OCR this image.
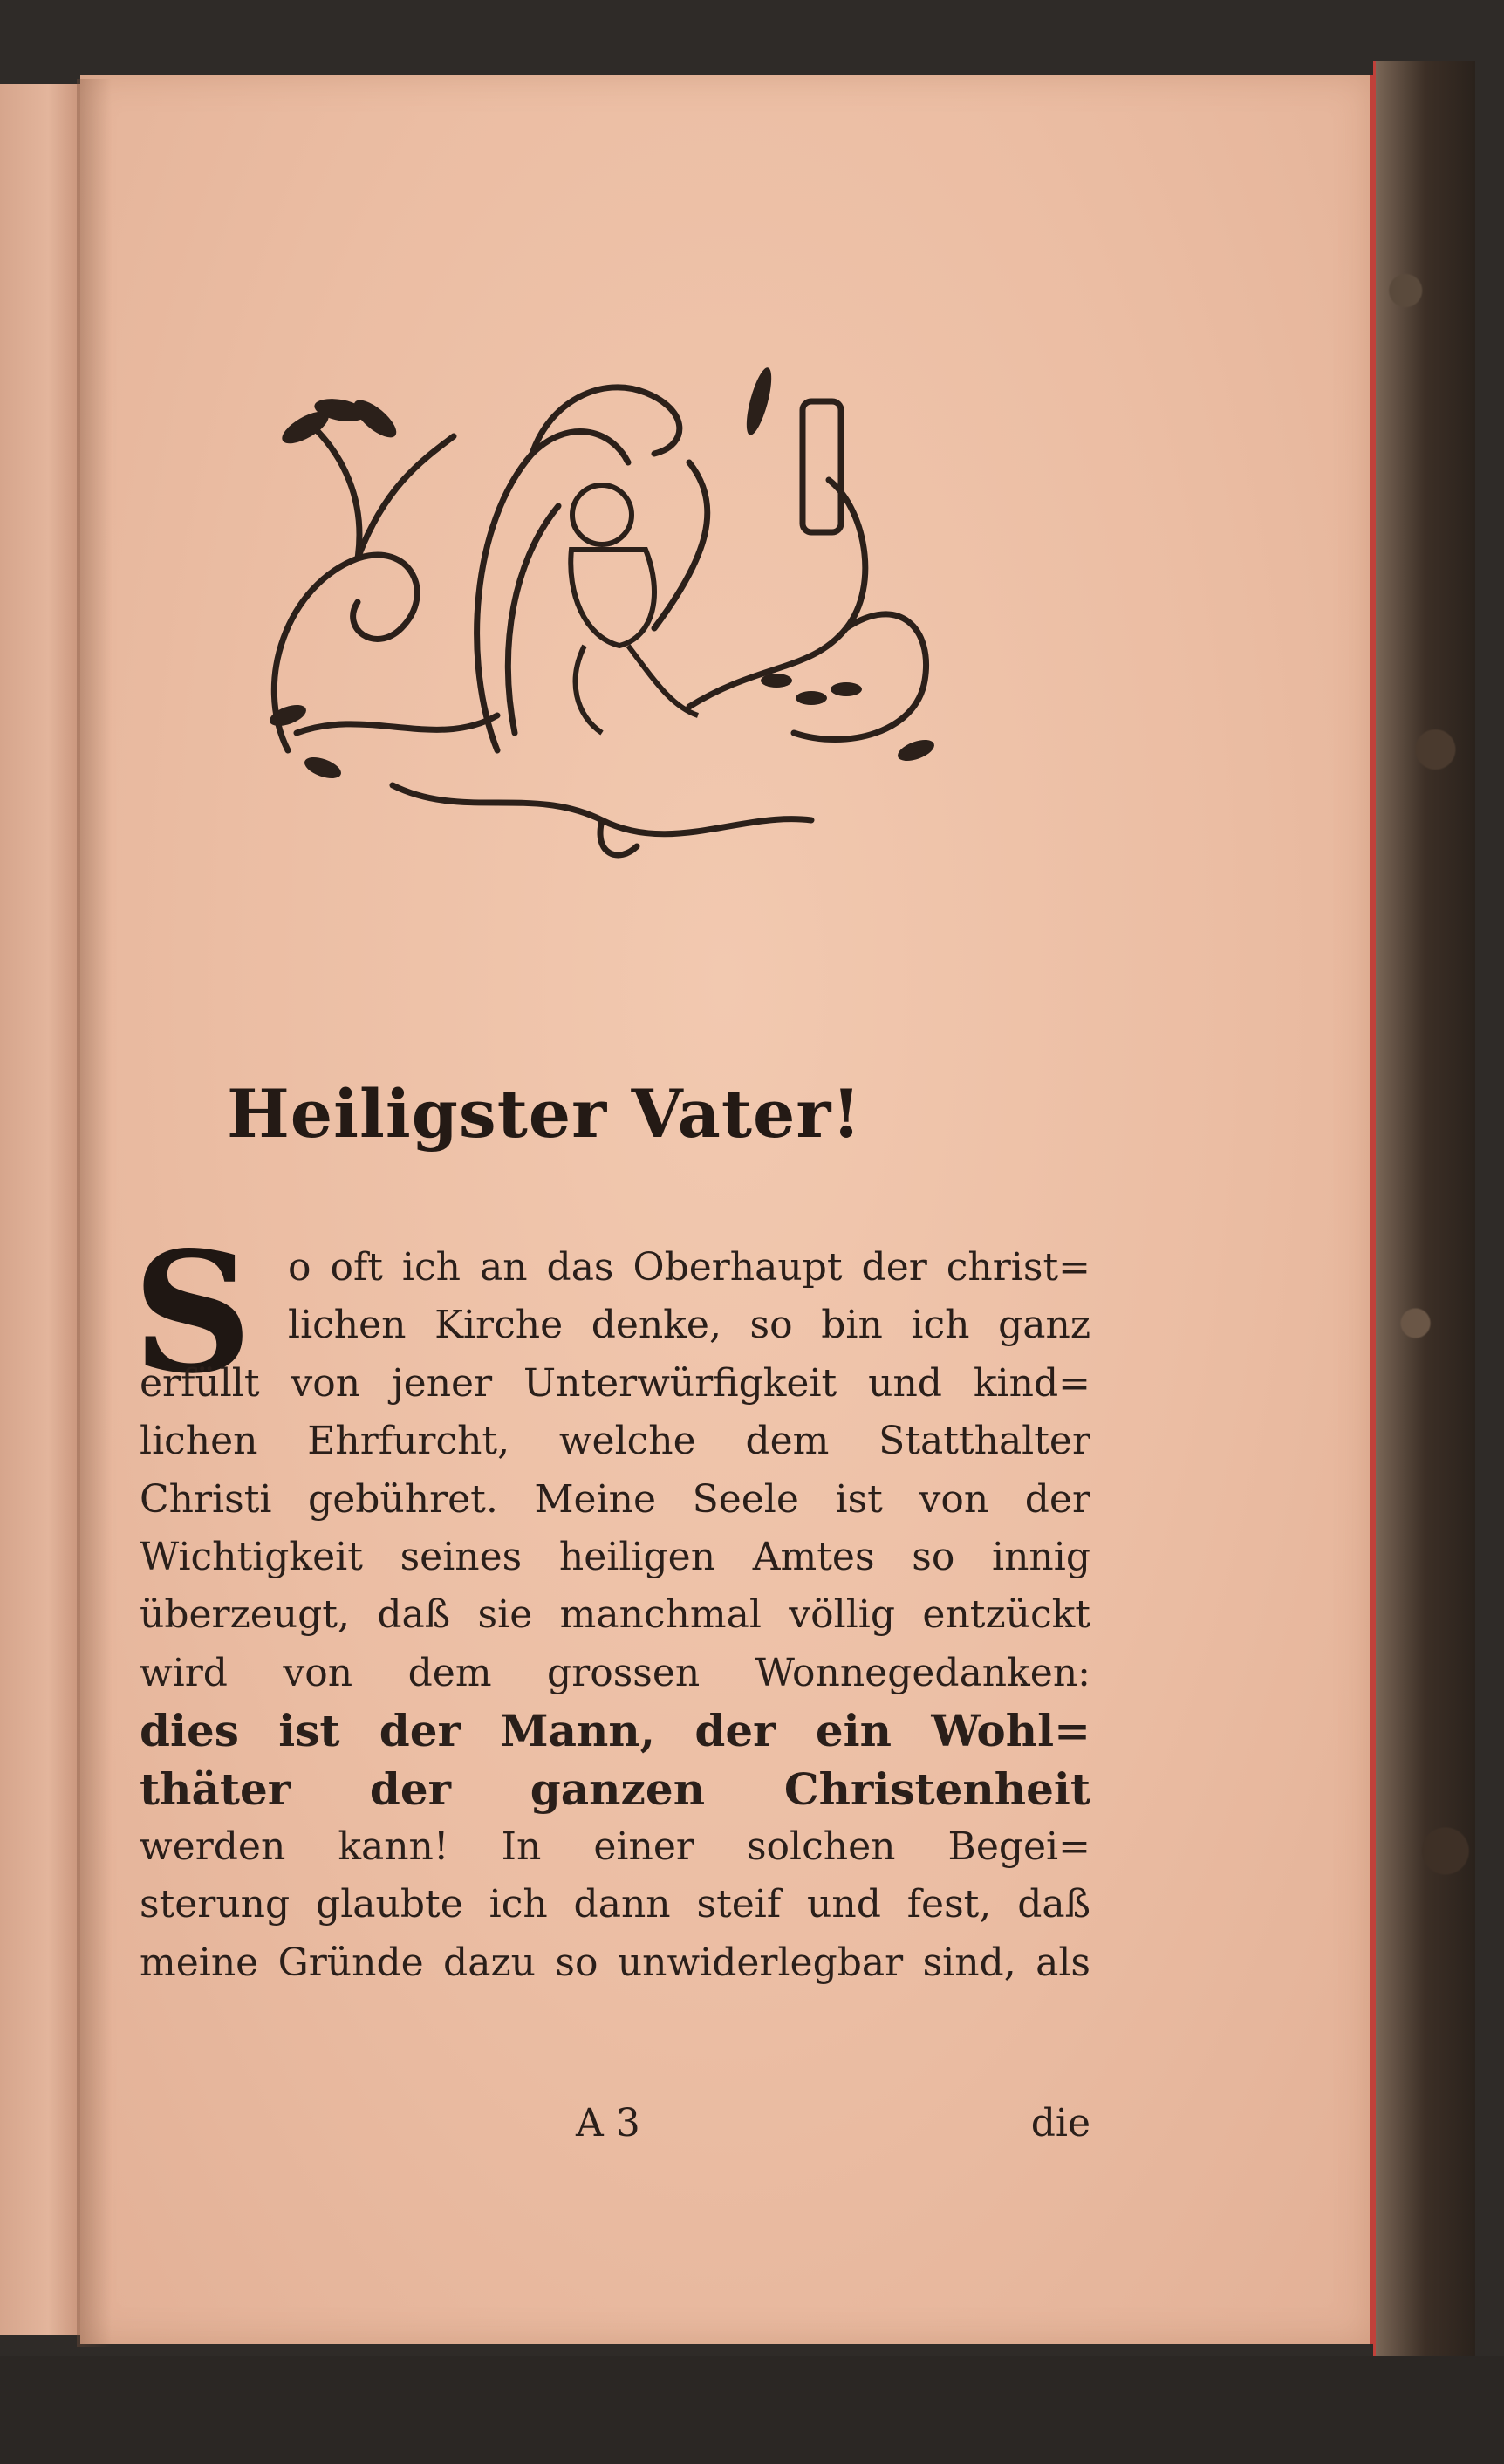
Heiligster Vater!
S o oft ich an das Oberhaupt der christ=
lichen Kirche denke, so bin ich ganz
erfüllt von jener Unterwürfigkeit und kind=
lichen Ehrfurcht, welche dem Statthalter
Christi gebühret. Meine Seele ist von der
Wichtigkeit seines heiligen Amtes so innig
überzeugt, daß sie manchmal völlig entzückt
wird von dem grossen Wonnegedanken:
dies ist der Mann, der ein Wohl=
thäter der ganzen Christenheit
werden kann! In einer solchen Begei=
sterung glaubte ich dann steif und fest, daß
meine Gründe dazu so unwiderlegbar sind, als
A 3	die
